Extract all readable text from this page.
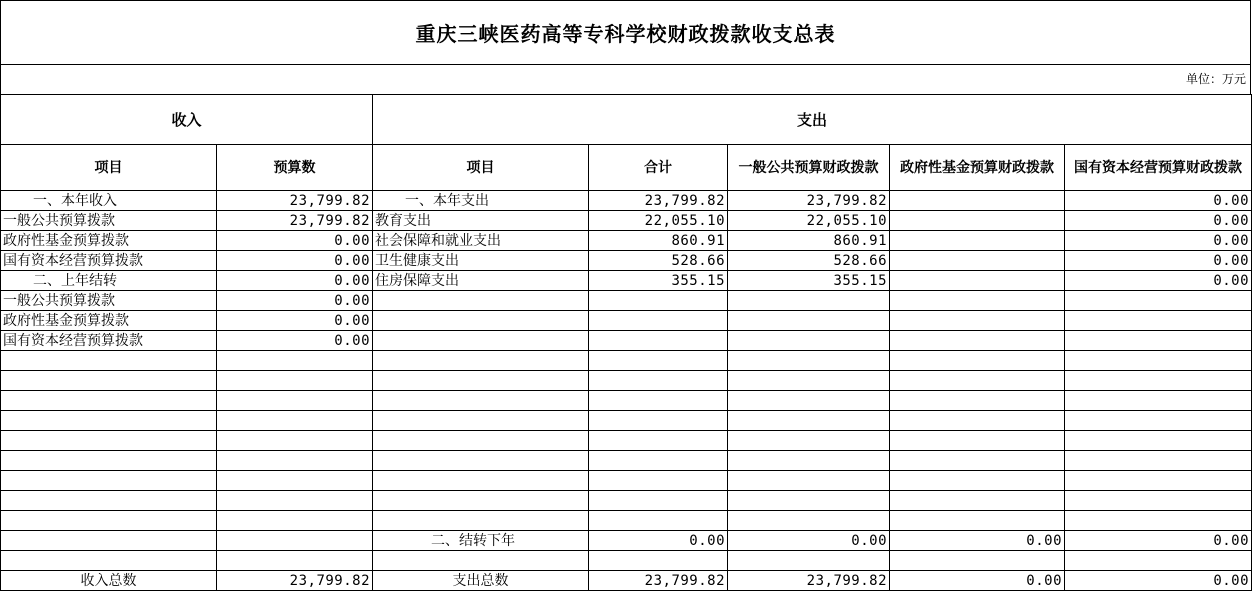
重庆三峡医药高等专科学校财政拨款收支总表
单位：万元
收入		支出				
项目	预算数	项目	合计	一般公共预算财政拨款	政府性基金预算财政拨款	国有资本经营预算财政拨款
一、本年收入	23,799.82	一、本年支出	23,799.82	23,799.82		0.00
一般公共预算拨款	23,799.82	教育支出	22,055.10	22,055.10		0.00
政府性基金预算拨款	0.00	社会保障和就业支出	860.91	860.91		0.00
国有资本经营预算拨款	0.00	卫生健康支出	528.66	528.66		0.00
二、上年结转	0.00	住房保障支出	355.15	355.15		0.00
一般公共预算拨款	0.00					
政府性基金预算拨款	0.00					
国有资本经营预算拨款	0.00					

		二、结转下年	0.00	0.00	0.00	0.00

收入总数	23,799.82	支出总数	23,799.82	23,799.82	0.00	0.00
